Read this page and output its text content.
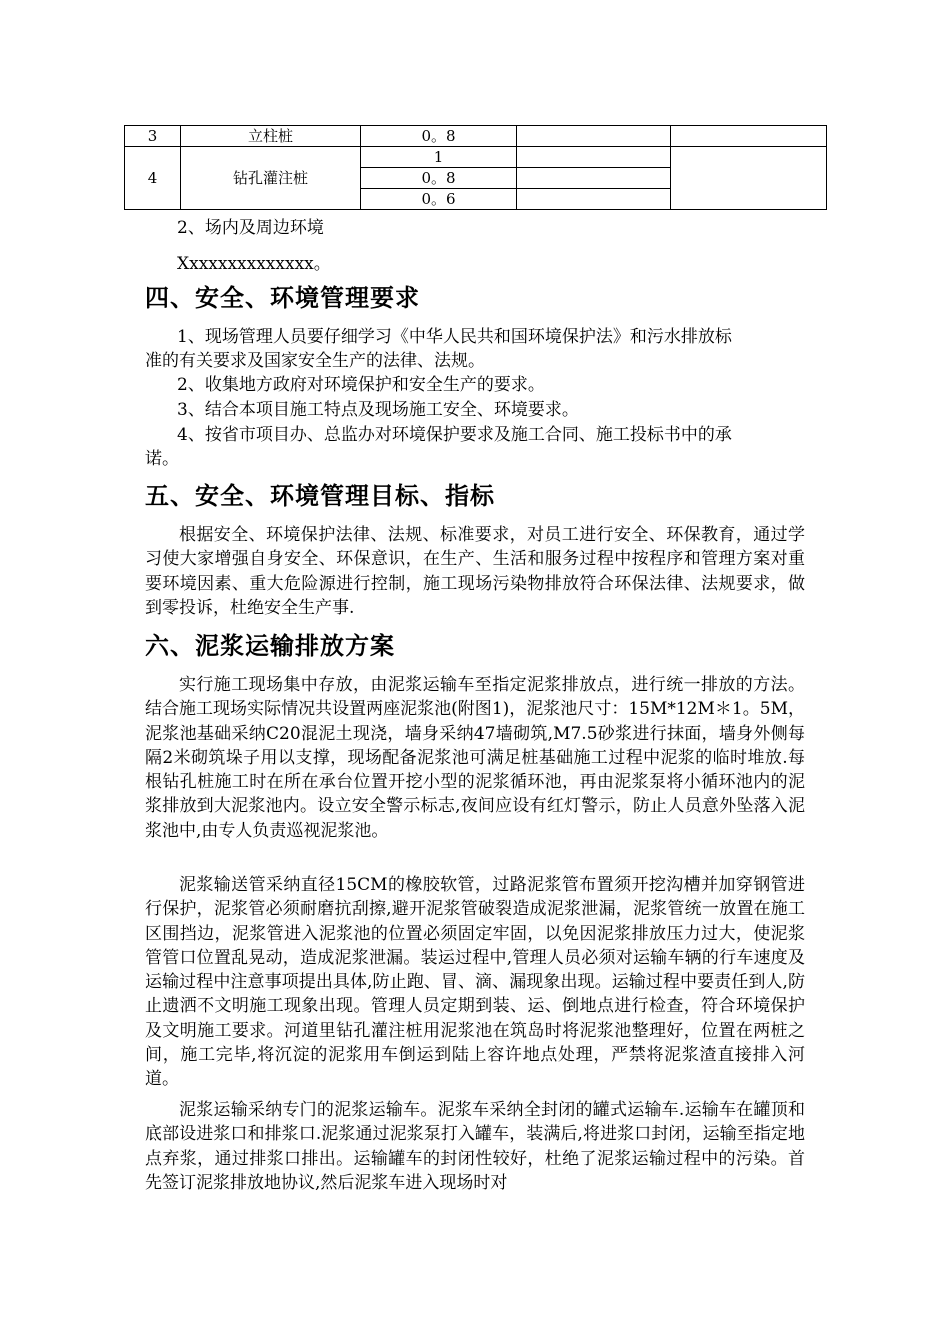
3	立柱桩	0。8		
4	钻孔灌注桩	1		
		0。8		
		0。6		
2、场内及周边环境
Xxxxxxxxxxxxxx。
四、安全、环境管理要求
1、现场管理人员要仔细学习《中华人民共和国环境保护法》和污水排放标
准的有关要求及国家安全生产的法律、法规。
2、收集地方政府对环境保护和安全生产的要求。
3、结合本项目施工特点及现场施工安全、环境要求。
4、按省市项目办、总监办对环境保护要求及施工合同、施工投标书中的承
诺。
五、安全、环境管理目标、指标

根据安全、环境保护法律、法规、标准要求，对员工进行安全、环保教育，通过学习使大家增强自身安全、环保意识，在生产、生活和服务过程中按程序和管理方案对重要环境因素、重大危险源进行控制，施工现场污染物排放符合环保法律、法规要求，做到零投诉，杜绝安全生产事.

六、泥浆运输排放方案

实行施工现场集中存放，由泥浆运输车至指定泥浆排放点，进行统一排放的方法。结合施工现场实际情况共设置两座泥浆池(附图1)，泥浆池尺寸：15M*12M＊1。5M，泥浆池基础采纳C20混泥土现浇，墙身采纳47墙砌筑,M7.5砂浆进行抹面，墙身外侧每隔2米砌筑垛子用以支撑，现场配备泥浆池可满足桩基础施工过程中泥浆的临时堆放.每根钻孔桩施工时在所在承台位置开挖小型的泥浆循环池，再由泥浆泵将小循环池内的泥浆排放到大泥浆池内。设立安全警示标志,夜间应设有红灯警示，防止人员意外坠落入泥浆池中,由专人负责巡视泥浆池。

泥浆输送管采纳直径15CM的橡胶软管，过路泥浆管布置须开挖沟槽并加穿钢管进行保护，泥浆管必须耐磨抗刮擦,避开泥浆管破裂造成泥浆泄漏，泥浆管统一放置在施工区围挡边，泥浆管进入泥浆池的位置必须固定牢固，以免因泥浆排放压力过大，使泥浆管管口位置乱晃动，造成泥浆泄漏。装运过程中,管理人员必须对运输车辆的行车速度及运输过程中注意事项提出具体,防止跑、冒、滴、漏现象出现。运输过程中要责任到人,防止遗洒不文明施工现象出现。管理人员定期到装、运、倒地点进行检查，符合环境保护及文明施工要求。河道里钻孔灌注桩用泥浆池在筑岛时将泥浆池整理好，位置在两桩之间，施工完毕,将沉淀的泥浆用车倒运到陆上容许地点处理，严禁将泥浆渣直接排入河道。

泥浆运输采纳专门的泥浆运输车。泥浆车采纳全封闭的罐式运输车.运输车在罐顶和底部设进浆口和排浆口.泥浆通过泥浆泵打入罐车，装满后,将进浆口封闭，运输至指定地点弃浆，通过排浆口排出。运输罐车的封闭性较好，杜绝了泥浆运输过程中的污染。首先签订泥浆排放地协议,然后泥浆车进入现场时对
